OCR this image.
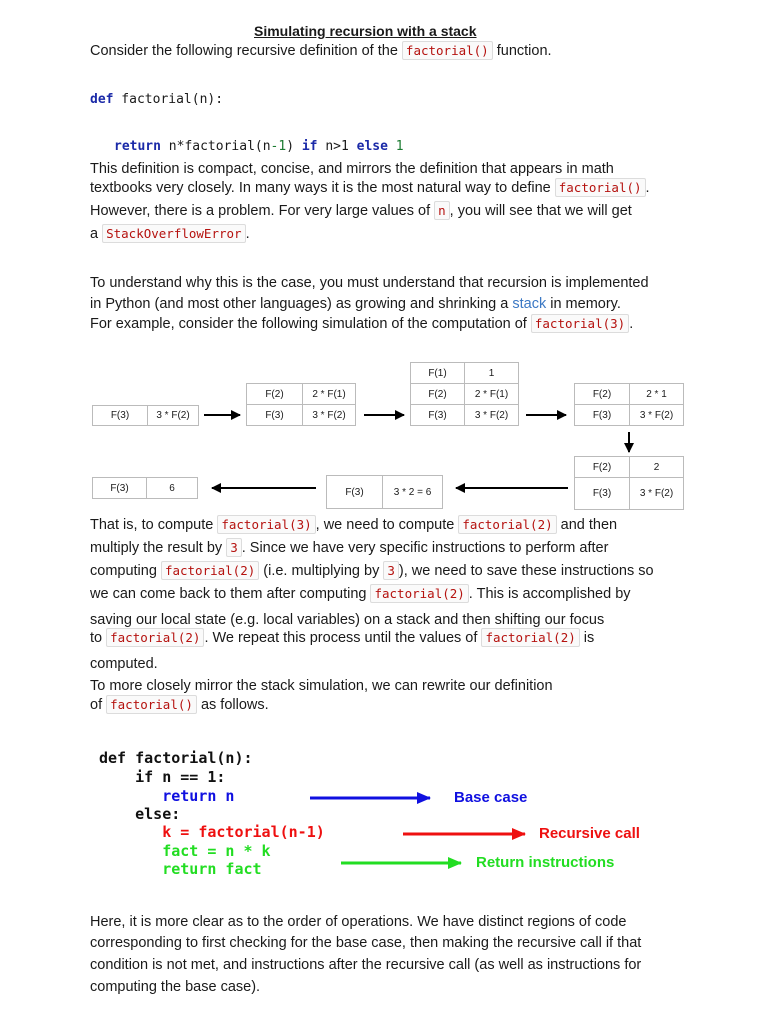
Simulating recursion with a stack
Consider the following recursive definition of the factorial() function.
def factorial(n):
return n*factorial(n-1) if n>1 else 1
This definition is compact, concise, and mirrors the definition that appears in math
textbooks very closely. In many ways it is the most natural way to define factorial() .
However, there is a problem. For very large values of n , you will see that we will get
a StackOverflowError .
To understand why this is the case, you must understand that recursion is implemented
in Python (and most other languages) as growing and shrinking a stack in memory.
For example, consider the following simulation of the computation of factorial(3) .
F(3)	3 * F(2)
F(2)	2 * F(1)
F(3)	3 * F(2)
F(1)	1
F(2)	2 * F(1)
F(3)	3 * F(2)
F(2)	2 * 1
F(3)	3 * F(2)
F(2)	2
F(3)	3 * F(2)
F(3)	3 * 2 = 6
F(3)	6
That is, to compute factorial(3) , we need to compute factorial(2) and then
multiply the result by 3 . Since we have very specific instructions to perform after
computing factorial(2) (i.e. multiplying by 3 ), we need to save these instructions so
we can come back to them after computing factorial(2) . This is accomplished by
saving our local state (e.g. local variables) on a stack and then shifting our focus
to factorial(2) . We repeat this process until the values of factorial(2) is
computed.
To more closely mirror the stack simulation, we can rewrite our definition
of factorial() as follows.
def factorial(n):
if n == 1:
return n
else:
k = factorial(n-1)
fact = n * k
return fact
Base case
Recursive call
Return instructions
Here, it is more clear as to the order of operations. We have distinct regions of code
corresponding to first checking for the base case, then making the recursive call if that
condition is not met, and instructions after the recursive call (as well as instructions for
computing the base case).
